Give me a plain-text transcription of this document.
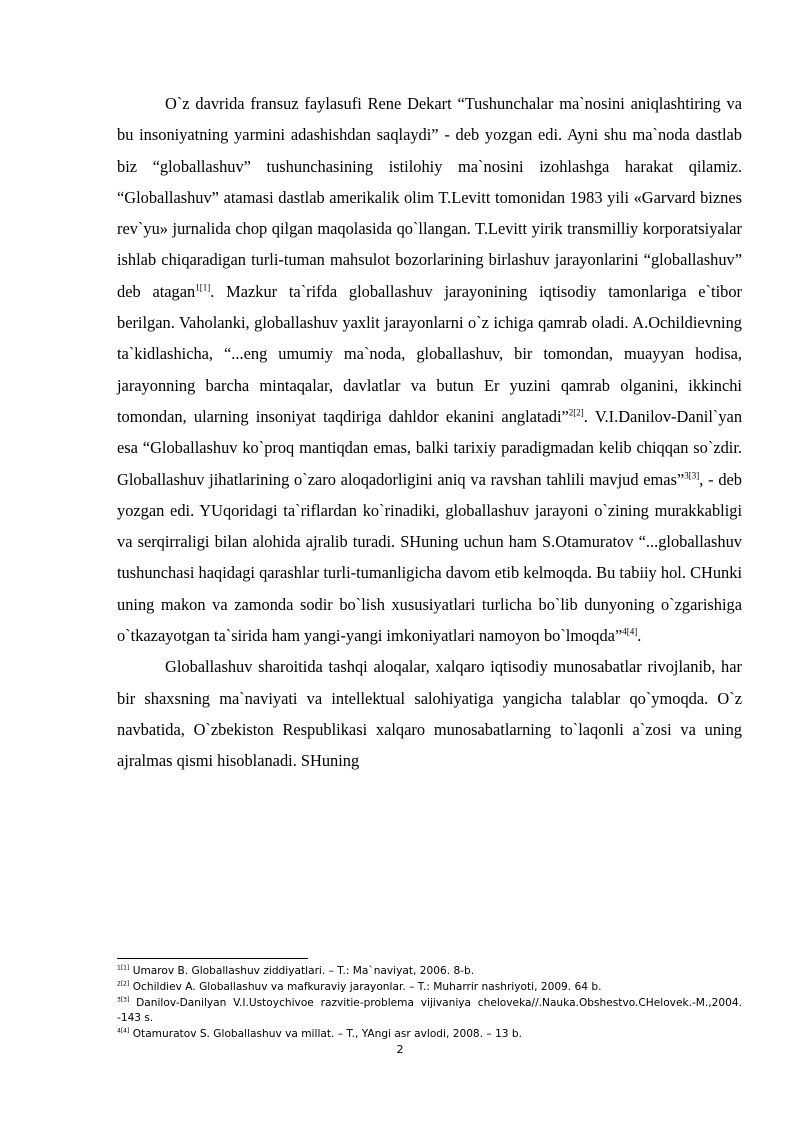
O`z davrida fransuz faylasufi Rene Dekart “Tushunchalar ma`nosini aniqlashtiring va bu insoniyatning yarmini adashishdan saqlaydi” - deb yozgan edi. Ayni shu ma`noda dastlab biz “globallashuv” tushunchasining istilohiy ma`nosini izohlashga harakat qilamiz. “Globallashuv” atamasi dastlab amerikalik olim T.Levitt tomonidan 1983 yili «Garvard biznes rev`yu» jurnalida chop qilgan maqolasida qo`llangan. T.Levitt yirik transmilliy korporatsiyalar ishlab chiqaradigan turli-tuman mahsulot bozorlarining birlashuv jarayonlarini “globallashuv” deb atagan$^{1[1]}$. Mazkur ta`rifda globallashuv jarayonining iqtisodiy tamonlariga e`tibor berilgan. Vaholanki, globallashuv yaxlit jarayonlarni o`z ichiga qamrab oladi. A.Ochildievning ta`kidlashicha, “...eng umumiy ma`noda, globallashuv, bir tomondan, muayyan hodisa, jarayonning barcha mintaqalar, davlatlar va butun Er yuzini qamrab olganini, ikkinchi tomondan, ularning insoniyat taqdiriga dahldor ekanini anglatadi”$^{2[2]}$. V.I.Danilov-Danil`yan esa “Globallashuv ko`proq mantiqdan emas, balki tarixiy paradigmadan kelib chiqqan so`zdir. Globallashuv jihatlarining o`zaro aloqadorligini aniq va ravshan tahlili mavjud emas”$^{3[3]}$, - deb yozgan edi. YUqoridagi ta`riflardan ko`rinadiki, globallashuv jarayoni o`zining murakkabligi va serqirraligi bilan alohida ajralib turadi. SHuning uchun ham S.Otamuratov “...globallashuv tushunchasi haqidagi qarashlar turli-tumanligicha davom etib kelmoqda. Bu tabiiy hol. CHunki uning makon va zamonda sodir bo`lish xususiyatlari turlicha bo`lib dunyoning o`zgarishiga o`tkazayotgan ta`sirida ham yangi-yangi imkoniyatlari namoyon bo`lmoqda”$^{4[4]}$.

Globallashuv sharoitida tashqi aloqalar, xalqaro iqtisodiy munosabatlar rivojlanib, har bir shaxsning ma`naviyati va intellektual salohiyatiga yangicha talablar qo`ymoqda. O`z navbatida, O`zbekiston Respublikasi xalqaro munosabatlarning to`laqonli a`zosi va uning ajralmas qismi hisoblanadi. SHuning

$^{1[1]}$ Umarov B. Globallashuv ziddiyatlari. – T.: Ma`naviyat, 2006. 8-b.

$^{2[2]}$ Ochildiev A. Globallashuv va mafkuraviy jarayonlar. – T.: Muharrir nashriyoti, 2009. 64 b.

$^{3[3]}$ Danilov-Danilyan V.I.Ustoychivoe razvitie-problema vijivaniya cheloveka//.Nauka.Obshestvo.CHelovek.-M.,2004. -143 s.

$^{4[4]}$ Otamuratov S. Globallashuv va millat. – T., YAngi asr avlodi, 2008. – 13 b.

2
